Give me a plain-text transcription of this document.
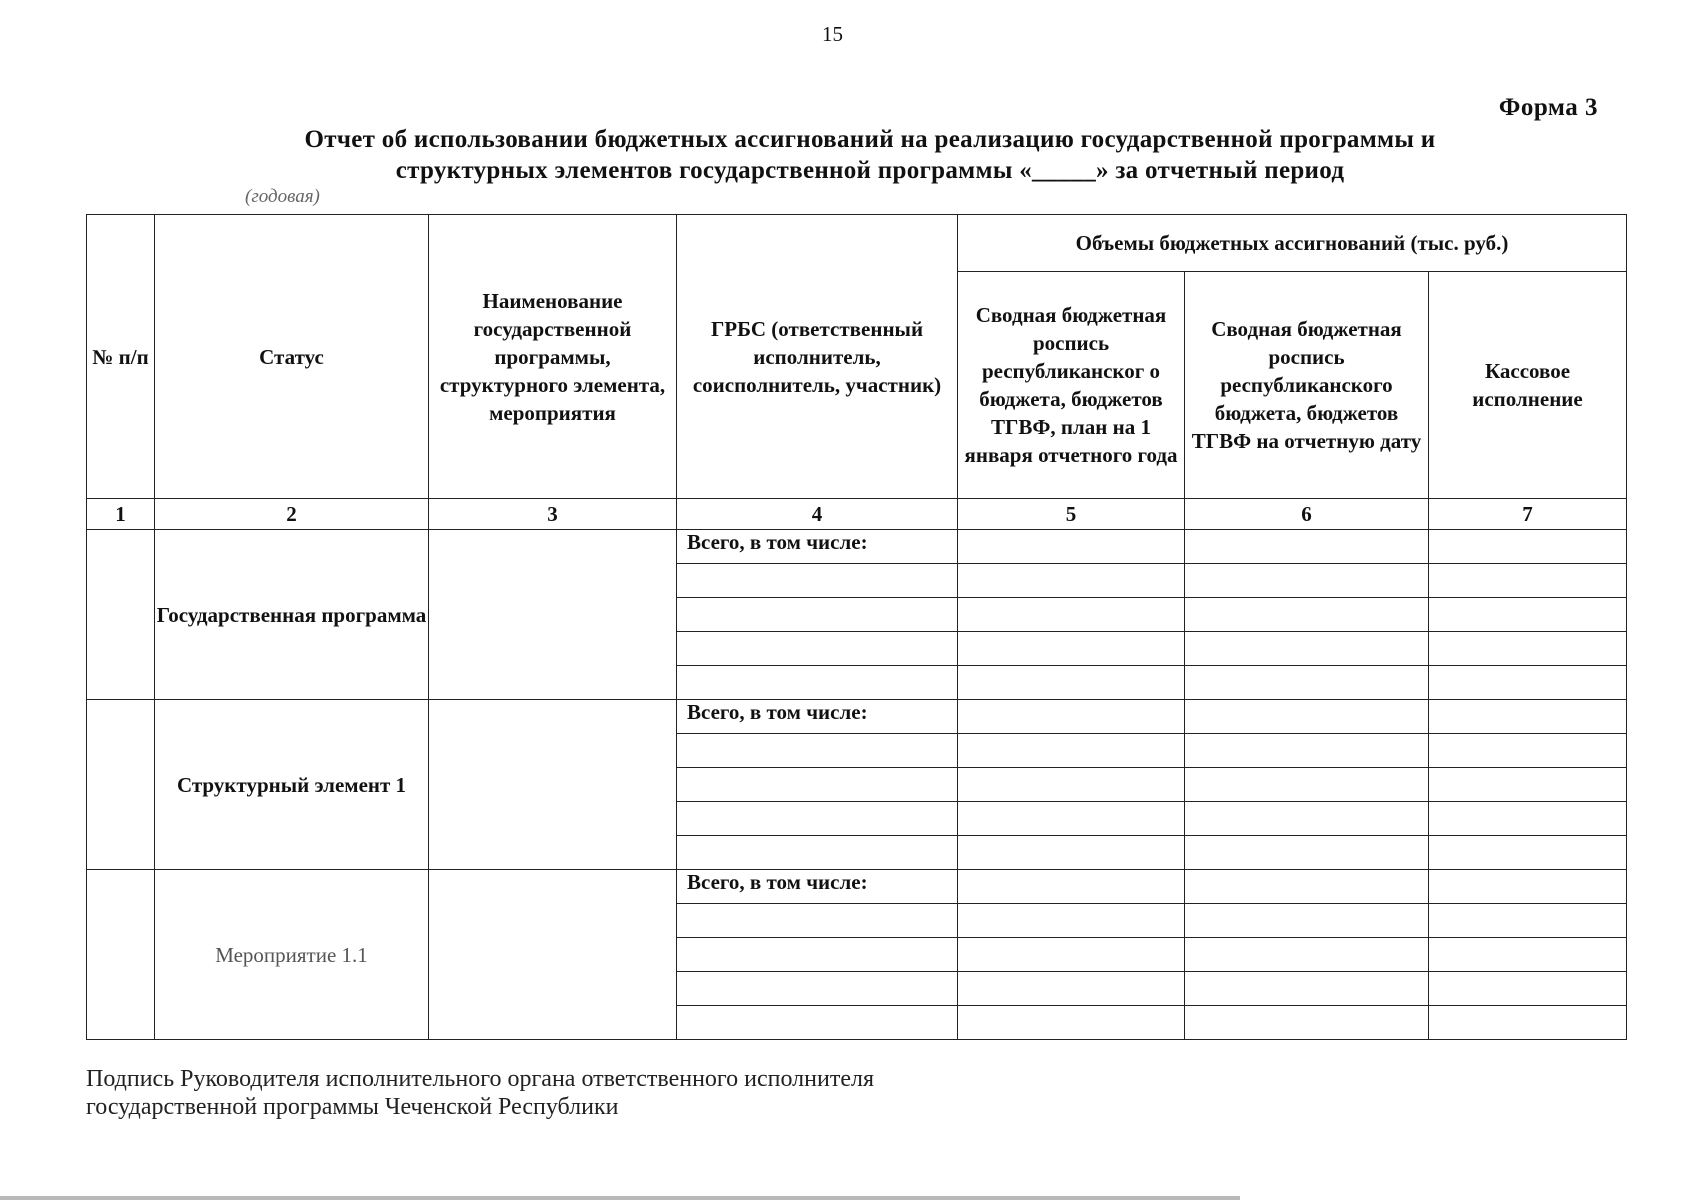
15
Форма 3
Отчет об использовании бюджетных ассигнований на реализацию государственной программы и
структурных элементов государственной программы «_____» за отчетный период
(годовая)
№ п/п	Статус	Наименование государственной программы, структурного элемента, мероприятия	ГРБС (ответственный исполнитель, соисполнитель, участник)	Объемы бюджетных ассигнований (тыс. руб.)		
				Сводная бюджетная роспись республиканског о бюджета, бюджетов ТГВФ, план на 1 января отчетного года	Сводная бюджетная роспись республиканского бюджета, бюджетов ТГВФ на отчетную дату	Кассовое исполнение
1	2	3	4	5	6	7
	Государственная программа		Всего, в том числе:			

	Структурный элемент 1		Всего, в том числе:			

	Мероприятие 1.1		Всего, в том числе:			

Подпись Руководителя исполнительного органа ответственного исполнителя
государственной программы Чеченской Республики
